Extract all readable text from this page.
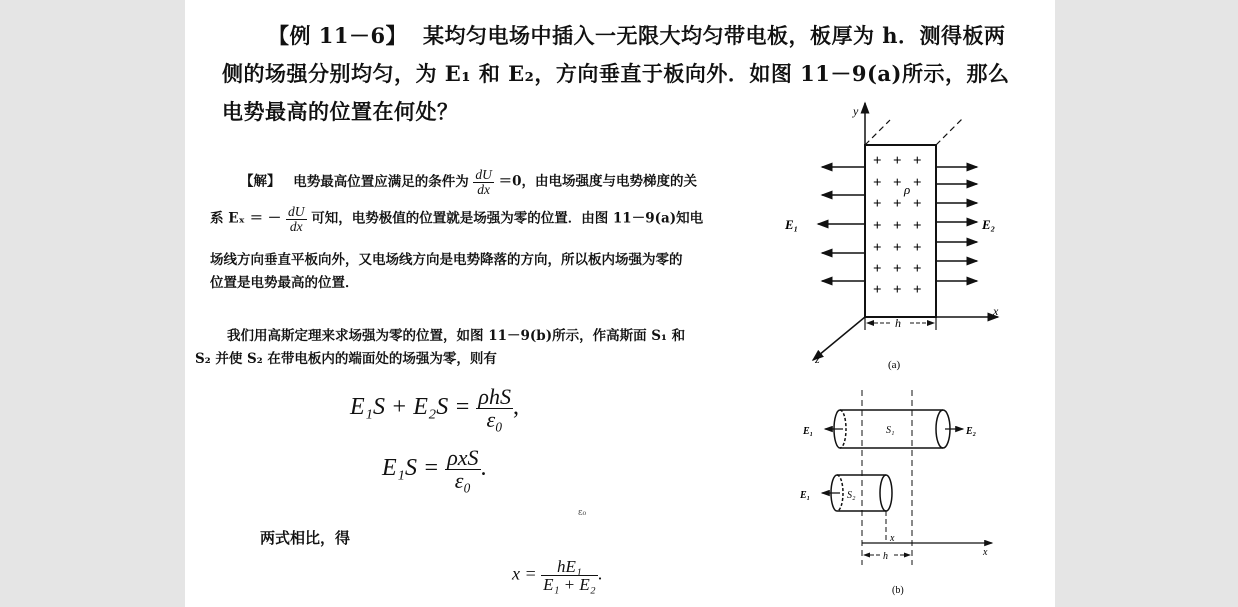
【例 11－6】 某均匀电场中插入一无限大均匀带电板，板厚为 h．测得板两
侧的场强分别均匀，为 E₁ 和 E₂，方向垂直于板向外．如图 11－9(a)所示，那么
电势最高的位置在何处？
【解】 电势最高位置应满足的条件为 $\frac{dU}{dx} =0$，由电场强度与电势梯度的关
系 Eₓ ＝ － $\frac{dU}{dx}$ 可知，电势极值的位置就是场强为零的位置．由图 11－9(a)知电
场线方向垂直平板向外，又电场线方向是电势降落的方向，所以板内场强为零的
位置是电势最高的位置．
我们用高斯定理来求场强为零的位置，如图 11－9(b)所示，作高斯面 S₁ 和
S₂ 并使 S₂ 在带电板内的端面处的场强为零，则有
$E_1S + E_2S = \frac{\text{ρhS}}{\text{ε₀}}$ ,
$E_1S = \frac{\text{ρxS}}{\text{ε₀}}$ .
ε₀
两式相比，得
$x = \frac{\text{hE₁}}{\text{E₁ + E₂}}$ .
y
x
z
+ + +
+ + +
+ + +
+ + +
+ + +
+ + +
+ + +
ρ
E₁	E₂
h
(a)
S₁
E₁	E₂
S₂
E₁
x
x
h
(b)
